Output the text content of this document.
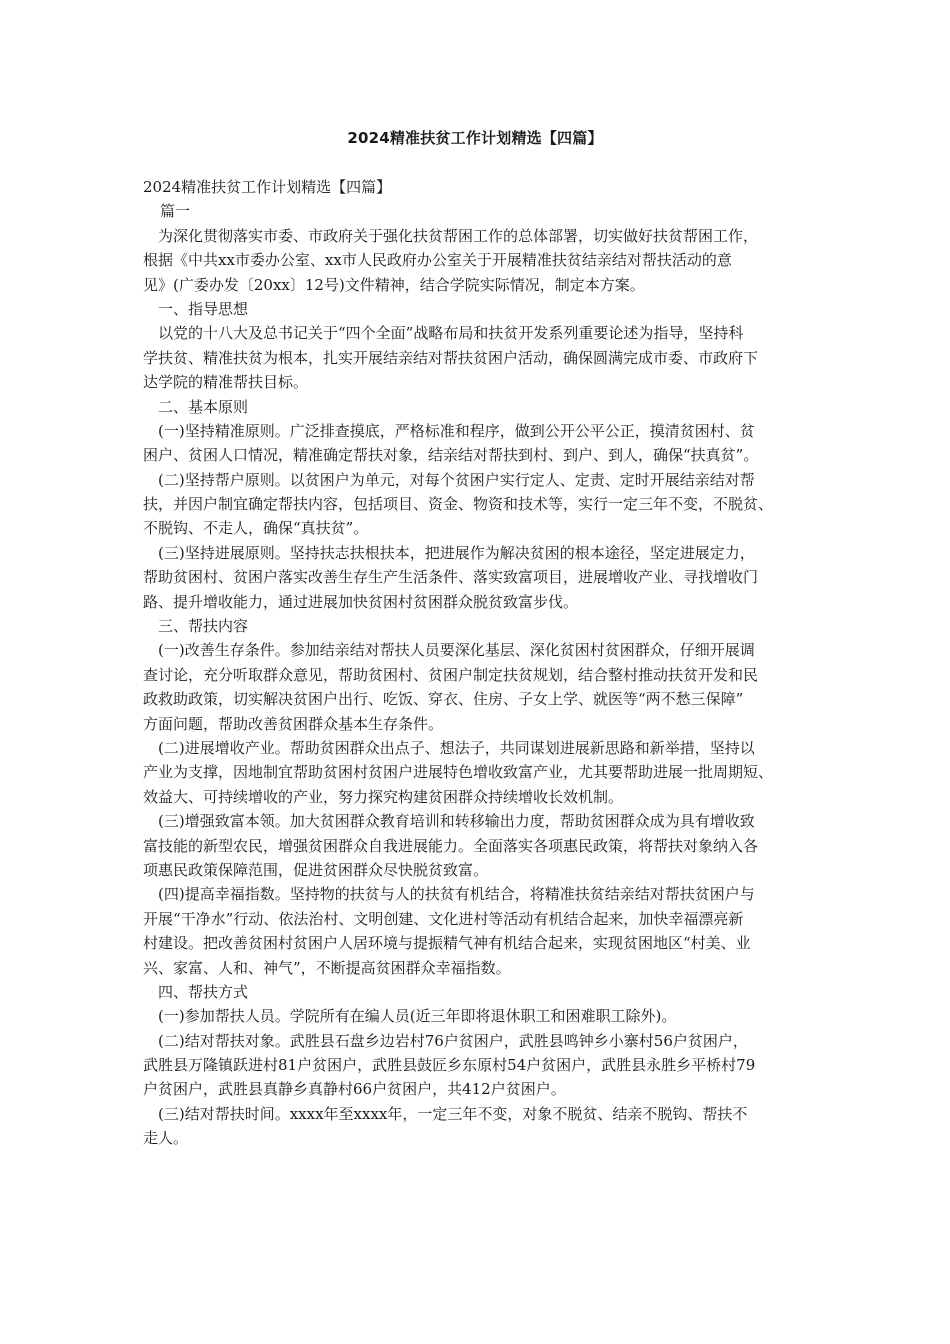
2024精准扶贫工作计划精选【四篇】
2024精准扶贫工作计划精选【四篇】
篇一
为深化贯彻落实市委、市政府关于强化扶贫帮困工作的总体部署，切实做好扶贫帮困工作，
根据《中共xx市委办公室、xx市人民政府办公室关于开展精准扶贫结亲结对帮扶活动的意
见》(广委办发〔20xx〕12号)文件精神，结合学院实际情况，制定本方案。
一、指导思想
以党的十八大及总书记关于“四个全面”战略布局和扶贫开发系列重要论述为指导，坚持科
学扶贫、精准扶贫为根本，扎实开展结亲结对帮扶贫困户活动，确保圆满完成市委、市政府下
达学院的精准帮扶目标。
二、基本原则
(一)坚持精准原则。广泛排查摸底，严格标准和程序，做到公开公平公正，摸清贫困村、贫
困户、贫困人口情况，精准确定帮扶对象，结亲结对帮扶到村、到户、到人，确保“扶真贫”。
(二)坚持帮户原则。以贫困户为单元，对每个贫困户实行定人、定责、定时开展结亲结对帮
扶，并因户制宜确定帮扶内容，包括项目、资金、物资和技术等，实行一定三年不变，不脱贫、
不脱钩、不走人，确保“真扶贫”。
(三)坚持进展原则。坚持扶志扶根扶本，把进展作为解决贫困的根本途径，坚定进展定力，
帮助贫困村、贫困户落实改善生存生产生活条件、落实致富项目，进展增收产业、寻找增收门
路、提升增收能力，通过进展加快贫困村贫困群众脱贫致富步伐。
三、帮扶内容
(一)改善生存条件。参加结亲结对帮扶人员要深化基层、深化贫困村贫困群众，仔细开展调
查讨论，充分听取群众意见，帮助贫困村、贫困户制定扶贫规划，结合整村推动扶贫开发和民
政救助政策，切实解决贫困户出行、吃饭、穿衣、住房、子女上学、就医等“两不愁三保障”
方面问题，帮助改善贫困群众基本生存条件。
(二)进展增收产业。帮助贫困群众出点子、想法子，共同谋划进展新思路和新举措，坚持以
产业为支撑，因地制宜帮助贫困村贫困户进展特色增收致富产业，尤其要帮助进展一批周期短、
效益大、可持续增收的产业，努力探究构建贫困群众持续增收长效机制。
(三)增强致富本领。加大贫困群众教育培训和转移输出力度，帮助贫困群众成为具有增收致
富技能的新型农民，增强贫困群众自我进展能力。全面落实各项惠民政策，将帮扶对象纳入各
项惠民政策保障范围，促进贫困群众尽快脱贫致富。
(四)提高幸福指数。坚持物的扶贫与人的扶贫有机结合，将精准扶贫结亲结对帮扶贫困户与
开展“干净水”行动、依法治村、文明创建、文化进村等活动有机结合起来，加快幸福漂亮新
村建设。把改善贫困村贫困户人居环境与提振精气神有机结合起来，实现贫困地区“村美、业
兴、家富、人和、神气”，不断提高贫困群众幸福指数。
四、帮扶方式
(一)参加帮扶人员。学院所有在编人员(近三年即将退休职工和困难职工除外)。
(二)结对帮扶对象。武胜县石盘乡边岩村76户贫困户，武胜县鸣钟乡小寨村56户贫困户，
武胜县万隆镇跃进村81户贫困户，武胜县鼓匠乡东原村54户贫困户，武胜县永胜乡平桥村79
户贫困户，武胜县真静乡真静村66户贫困户，共412户贫困户。
(三)结对帮扶时间。xxxx年至xxxx年，一定三年不变，对象不脱贫、结亲不脱钩、帮扶不
走人。
